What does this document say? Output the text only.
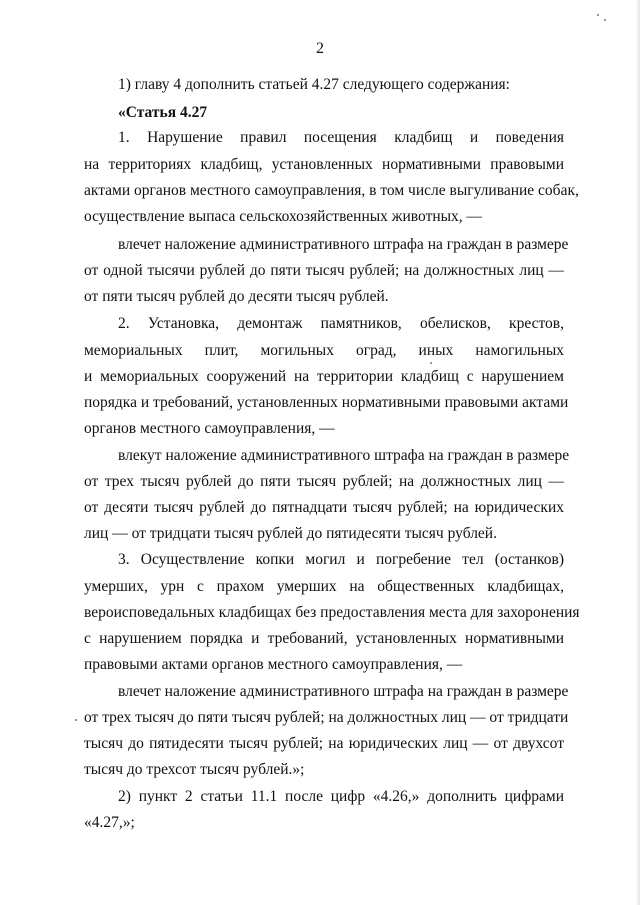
2
1) главу 4 дополнить статьей 4.27 следующего содержания:
«Статья 4.27
1. Нарушение правил посещения кладбищ и поведения
на территориях кладбищ, установленных нормативными правовыми
актами органов местного самоуправления, в том числе выгуливание собак,
осуществление выпаса сельскохозяйственных животных, —
влечет наложение административного штрафа на граждан в размере
от одной тысячи рублей до пяти тысяч рублей; на должностных лиц —
от пяти тысяч рублей до десяти тысяч рублей.
2. Установка, демонтаж памятников, обелисков, крестов,
мемориальных плит, могильных оград, иных намогильных
и мемориальных сооружений на территории кладбищ с нарушением
порядка и требований, установленных нормативными правовыми актами
органов местного самоуправления, —
влекут наложение административного штрафа на граждан в размере
от трех тысяч рублей до пяти тысяч рублей; на должностных лиц —
от десяти тысяч рублей до пятнадцати тысяч рублей; на юридических
лиц — от тридцати тысяч рублей до пятидесяти тысяч рублей.
3. Осуществление копки могил и погребение тел (останков)
умерших, урн с прахом умерших на общественных кладбищах,
вероисповедальных кладбищах без предоставления места для захоронения
с нарушением порядка и требований, установленных нормативными
правовыми актами органов местного самоуправления, —
влечет наложение административного штрафа на граждан в размере
от трех тысяч до пяти тысяч рублей; на должностных лиц — от тридцати
тысяч до пятидесяти тысяч рублей; на юридических лиц — от двухсот
тысяч до трехсот тысяч рублей.»;
2) пункт 2 статьи 11.1 после цифр «4.26,» дополнить цифрами
«4.27,»;
